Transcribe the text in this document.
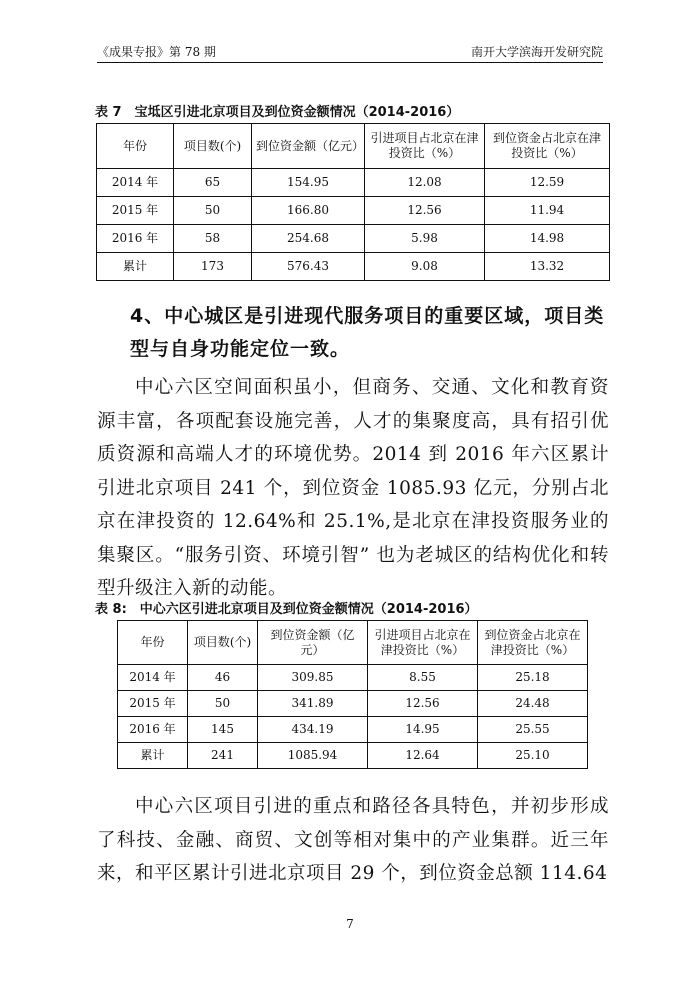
《成果专报》第 78 期	南开大学滨海开发研究院
表 7　宝坻区引进北京项目及到位资金额情况（2014-2016）
年份	项目数(个)	到位资金额（亿元）	引进项目占北京在津投资比（%）	到位资金占北京在津投资比（%）
2014 年	65	154.95	12.08	12.59
2015 年	50	166.80	12.56	11.94
2016 年	58	254.68	5.98	14.98
累计	173	576.43	9.08	13.32
4、中心城区是引进现代服务项目的重要区域，项目类型与自身功能定位一致。
中心六区空间面积虽小，但商务、交通、文化和教育资源丰富，各项配套设施完善，人才的集聚度高，具有招引优质资源和高端人才的环境优势。2014 到 2016 年六区累计引进北京项目 241 个，到位资金 1085.93 亿元，分别占北京在津投资的 12.64%和 25.1%,是北京在津投资服务业的集聚区。“服务引资、环境引智” 也为老城区的结构优化和转型升级注入新的动能。
表 8:　中心六区引进北京项目及到位资金额情况（2014-2016）
年份	项目数(个)	到位资金额（亿元）	引进项目占北京在津投资比（%）	到位资金占北京在津投资比（%）
2014 年	46	309.85	8.55	25.18
2015 年	50	341.89	12.56	24.48
2016 年	145	434.19	14.95	25.55
累计	241	1085.94	12.64	25.10
中心六区项目引进的重点和路径各具特色，并初步形成了科技、金融、商贸、文创等相对集中的产业集群。近三年来，和平区累计引进北京项目 29 个，到位资金总额 114.64
7
